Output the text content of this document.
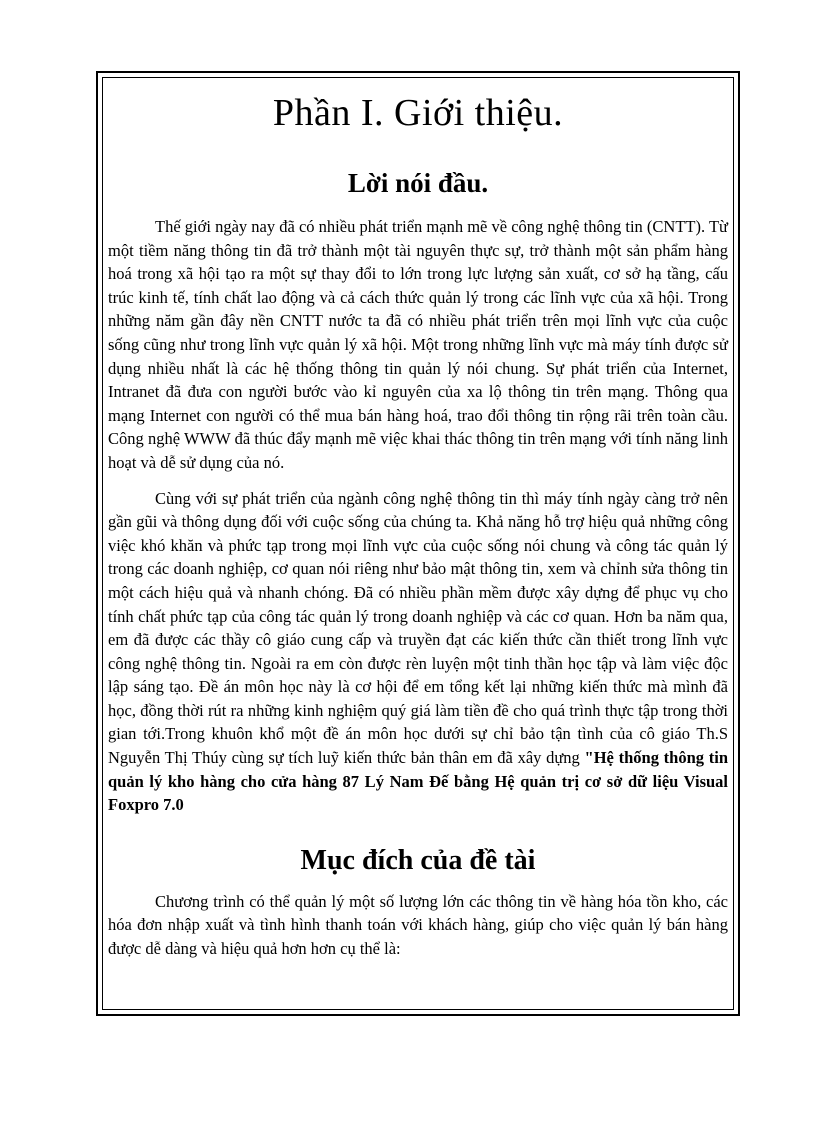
Phần I. Giới thiệu.
Lời nói đầu.

Thế giới ngày nay đã có nhiều phát triển mạnh mẽ về công nghệ thông tin (CNTT). Từ một tiềm năng thông tin đã trở thành một tài nguyên thực sự, trở thành một sản phẩm hàng hoá trong xã hội tạo ra một sự thay đổi to lớn trong lực lượng sản xuất, cơ sở hạ tầng, cấu trúc kinh tế, tính chất lao động và cả cách thức quản lý trong các lĩnh vực của xã hội. Trong những năm gần đây nền CNTT nước ta đã có nhiều phát triển trên mọi lĩnh vực của cuộc sống cũng như trong lĩnh vực quản lý xã hội. Một trong những lĩnh vực mà máy tính được sử dụng nhiều nhất là các hệ thống thông tin quản lý nói chung. Sự phát triển của Internet, Intranet đã đưa con người bước vào kỉ nguyên của xa lộ thông tin trên mạng. Thông qua mạng Internet con người có thể mua bán hàng hoá, trao đổi thông tin rộng rãi trên toàn cầu. Công nghệ WWW đã thúc đẩy mạnh mẽ việc khai thác thông tin trên mạng với tính năng linh hoạt và dễ sử dụng của nó.

Cùng với sự phát triển của ngành công nghệ thông tin thì máy tính ngày càng trở nên gần gũi và thông dụng đối với cuộc sống của chúng ta. Khả năng hỗ trợ hiệu quả những công việc khó khăn và phức tạp trong mọi lĩnh vực của cuộc sống nói chung và công tác quản lý trong các doanh nghiệp, cơ quan nói riêng như bảo mật thông tin, xem và chỉnh sửa thông tin một cách hiệu quả và nhanh chóng. Đã có nhiều phần mềm được xây dựng để phục vụ cho tính chất phức tạp của công tác quản lý trong doanh nghiệp và các cơ quan. Hơn ba năm qua, em đã được các thầy cô giáo cung cấp và truyền đạt các kiến thức cần thiết trong lĩnh vực công nghệ thông tin. Ngoài ra em còn được rèn luyện một tinh thần học tập và làm việc độc lập sáng tạo. Đề án môn học này là cơ hội để em tổng kết lại những kiến thức mà mình đã học, đồng thời rút ra những kinh nghiệm quý giá làm tiền đề cho quá trình thực tập trong thời gian tới.Trong khuôn khổ một đề án môn học dưới sự chỉ bảo tận tình của cô giáo Th.S Nguyễn Thị Thúy cùng sự tích luỹ kiến thức bản thân em đã xây dựng "Hệ thống thông tin quản lý kho hàng cho cửa hàng 87 Lý Nam Đế bằng Hệ quản trị cơ sở dữ liệu Visual Foxpro 7.0

Mục đích của đề tài

Chương trình có thể quản lý một số lượng lớn các thông tin về hàng hóa tồn kho, các hóa đơn nhập xuất và tình hình thanh toán với khách hàng, giúp cho việc quản lý bán hàng được dễ dàng và hiệu quả hơn hơn cụ thể là:
